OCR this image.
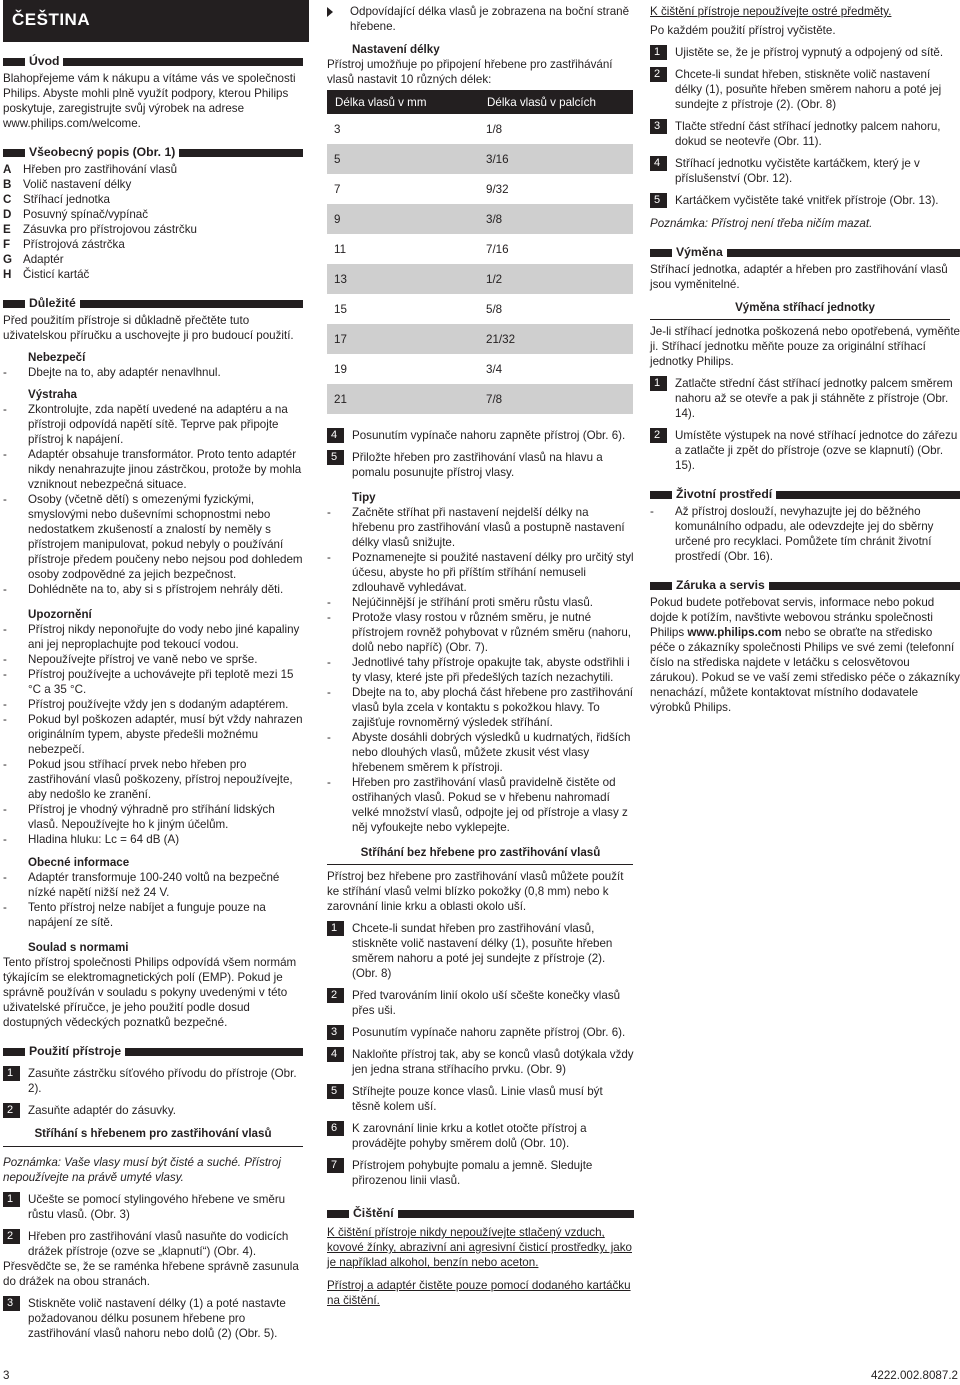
ČEŠTINA
Úvod

Blahopřejeme vám k nákupu a vítáme vás ve společnosti Philips. Abyste mohli plně využít podpory, kterou Philips poskytuje, zaregistrujte svůj výrobek na adrese www.philips.com/welcome.

Všeobecný popis (Obr. 1)
A	Hřeben pro zastřihování vlasů
B	Volič nastavení délky
C	Stříhací jednotka
D	Posuvný spínač/vypínač
E	Zásuvka pro přístrojovou zástrčku
F	Přístrojová zástrčka
G Adaptér
H	Čisticí kartáč
Důležité

Před použitím přístroje si důkladně přečtěte tuto uživatelskou příručku a uschovejte ji pro budoucí použití.

Nebezpečí
-	Dbejte na to, aby adaptér nenavlhnul.
Výstraha
-	Zkontrolujte, zda napětí uvedené na adaptéru a na přístroji odpovídá napětí sítě. Teprve pak připojte přístroj k napájení.
-	Adaptér obsahuje transformátor. Proto tento adaptér nikdy nenahrazujte jinou zástrčkou, protože by mohla vzniknout nebezpečná situace.
-	Osoby (včetně dětí) s omezenými fyzickými, smyslovými nebo duševními schopnostmi nebo nedostatkem zkušeností a znalostí by neměly s přístrojem manipulovat, pokud nebyly o používání přístroje předem poučeny nebo nejsou pod dohledem osoby zodpovědné za jejich bezpečnost.
-	Dohlédněte na to, aby si s přístrojem nehrály děti.
Upozornění
-	Přístroj nikdy neponořujte do vody nebo jiné kapaliny ani jej neproplachujte pod tekoucí vodou.
-	Nepoužívejte přístroj ve vaně nebo ve sprše.
-	Přístroj používejte a uchovávejte při teplotě mezi 15 °C a 35 °C.
-	Přístroj používejte vždy jen s dodaným adaptérem.
-	Pokud byl poškozen adaptér, musí být vždy nahrazen originálním typem, abyste předešli možnému nebezpečí.
-	Pokud jsou stříhací prvek nebo hřeben pro zastřihování vlasů poškozeny, přístroj nepoužívejte, aby nedošlo ke zranění.
-	Přístroj je vhodný výhradně pro stříhání lidských vlasů. Nepoužívejte ho k jiným účelům.
-	Hladina hluku: Lc = 64 dB (A)
Obecné informace
-	Adaptér transformuje 100-240 voltů na bezpečné nízké napětí nižší než 24 V.
-	Tento přístroj nelze nabíjet a funguje pouze na napájení ze sítě.
Soulad s normami

Tento přístroj společnosti Philips odpovídá všem normám týkajícím se elektromagnetických polí (EMP). Pokud je správně používán v souladu s pokyny uvedenými v této uživatelské příručce, je jeho použití podle dosud dostupných vědeckých poznatků bezpečné.

Použití přístroje
1	Zasuňte zástrčku síťového přívodu do přístroje (Obr. 2).
2	Zasuňte adaptér do zásuvky.
Stříhání s hřebenem pro zastřihování vlasů

Poznámka: Vaše vlasy musí být čisté a suché. Přístroj nepoužívejte na právě umyté vlasy.

1	Učešte se pomocí stylingového hřebene ve směru růstu vlasů. (Obr. 3)
2	Hřeben pro zastřihování vlasů nasuňte do vodicích drážek přístroje (ozve se „klapnutí“) (Obr. 4).

Přesvědčte se, že se raménka hřebene správně zasunula do drážek na obou stranách.

3	Stiskněte volič nastavení délky (1) a poté nastavte požadovanou délku posunem hřebene pro zastřihování vlasů nahoru nebo dolů (2) (Obr. 5).
Odpovídající délka vlasů je zobrazena na boční straně hřebene.
Nastavení délky

Přístroj umožňuje po připojení hřebene pro zastřihávání vlasů nastavit 10 různých délek:

Délka vlasů v mm	Délka vlasů v palcích
3	1/8
5	3/16
7	9/32
9	3/8
11	7/16
13	1/2
15	5/8
17	21/32
19	3/4
21	7/8
4	Posunutím vypínače nahoru zapněte přístroj (Obr. 6).
5	Přiložte hřeben pro zastřihování vlasů na hlavu a pomalu posunujte přístroj vlasy.
Tipy
-	Začněte stříhat při nastavení nejdelší délky na hřebenu pro zastřihování vlasů a postupně nastavení délky vlasů snižujte.
-	Poznamenejte si použité nastavení délky pro určitý styl účesu, abyste ho při příštím stříhání nemuseli zdlouhavě vyhledávat.
-	Nejúčinnější je stříhání proti směru růstu vlasů.
-	Protože vlasy rostou v různém směru, je nutné přístrojem rovněž pohybovat v různém směru (nahoru, dolů nebo napříč) (Obr. 7).
-	Jednotlivé tahy přístroje opakujte tak, abyste odstřihli i ty vlasy, které jste při předešlých tazích nezachytili.
-	Dbejte na to, aby plochá část hřebene pro zastřihování vlasů byla zcela v kontaktu s pokožkou hlavy. To zajišťuje rovnoměrný výsledek stříhání.
-	Abyste dosáhli dobrých výsledků u kudrnatých, řidších nebo dlouhých vlasů, můžete zkusit vést vlasy hřebenem směrem k přístroji.
-	Hřeben pro zastřihování vlasů pravidelně čistěte od ostřihaných vlasů. Pokud se v hřebenu nahromadí velké množství vlasů, odpojte jej od přístroje a vlasy z něj vyfoukejte nebo vyklepejte.
Stříhání bez hřebene pro zastřihování vlasů

Přístroj bez hřebene pro zastřihování vlasů můžete použít ke stříhání vlasů velmi blízko pokožky (0,8 mm) nebo k zarovnání linie krku a oblasti okolo uší.

1	Chcete-li sundat hřeben pro zastřihování vlasů, stiskněte volič nastavení délky (1), posuňte hřeben směrem nahoru a poté jej sundejte z přístroje (2). (Obr. 8)
2	Před tvarováním linií okolo uší sčešte konečky vlasů přes uši.
3	Posunutím vypínače nahoru zapněte přístroj (Obr. 6).
4	Nakloňte přístroj tak, aby se konců vlasů dotýkala vždy jen jedna strana stříhacího prvku. (Obr. 9)
5	Stříhejte pouze konce vlasů. Linie vlasů musí být těsně kolem uší.
6	K zarovnání linie krku a kotlet otočte přístroj a provádějte pohyby směrem dolů (Obr. 10).
7	Přístrojem pohybujte pomalu a jemně. Sledujte přirozenou linii vlasů.
Čištění

K čištění přístroje nikdy nepoužívejte stlačený vzduch, kovové žínky, abrazivní ani agresivní čisticí prostředky, jako je například alkohol, benzín nebo aceton.

Přístroj a adaptér čistěte pouze pomocí dodaného kartáčku na čištění.

K čištění přístroje nepoužívejte ostré předměty.

Po každém použití přístroj vyčistěte.

1	Ujistěte se, že je přístroj vypnutý a odpojený od sítě.
2	Chcete-li sundat hřeben, stiskněte volič nastavení délky (1), posuňte hřeben směrem nahoru a poté jej sundejte z přístroje (2). (Obr. 8)
3	Tlačte střední část stříhací jednotky palcem nahoru, dokud se neotevře (Obr. 11).
4	Stříhací jednotku vyčistěte kartáčkem, který je v příslušenství (Obr. 12).
5	Kartáčkem vyčistěte také vnitřek přístroje (Obr. 13).

Poznámka: Přístroj není třeba ničím mazat.

Výměna

Stříhací jednotka, adaptér a hřeben pro zastřihování vlasů jsou vyměnitelné.

Výměna stříhací jednotky

Je-li stříhací jednotka poškozená nebo opotřebená, vyměňte ji. Stříhací jednotku měňte pouze za originální stříhací jednotky Philips.

1	Zatlačte střední část stříhací jednotky palcem směrem nahoru až se otevře a pak ji stáhněte z přístroje (Obr. 14).
2	Umístěte výstupek na nové stříhací jednotce do zářezu a zatlačte ji zpět do přístroje (ozve se klapnutí) (Obr. 15).
Životní prostředí
-	Až přístroj doslouží, nevyhazujte jej do běžného komunálního odpadu, ale odevzdejte jej do sběrny určené pro recyklaci. Pomůžete tím chránit životní prostředí (Obr. 16).
Záruka a servis

Pokud budete potřebovat servis, informace nebo pokud dojde k potížím, navštivte webovou stránku společnosti Philips www.philips.com nebo se obraťte na středisko péče o zákazníky společnosti Philips ve své zemi (telefonní číslo na střediska najdete v letáčku s celosvětovou zárukou). Pokud se ve vaší zemi středisko péče o zákazníky nenachází, můžete kontaktovat místního dodavatele výrobků Philips.

3	4222.002.8087.2
